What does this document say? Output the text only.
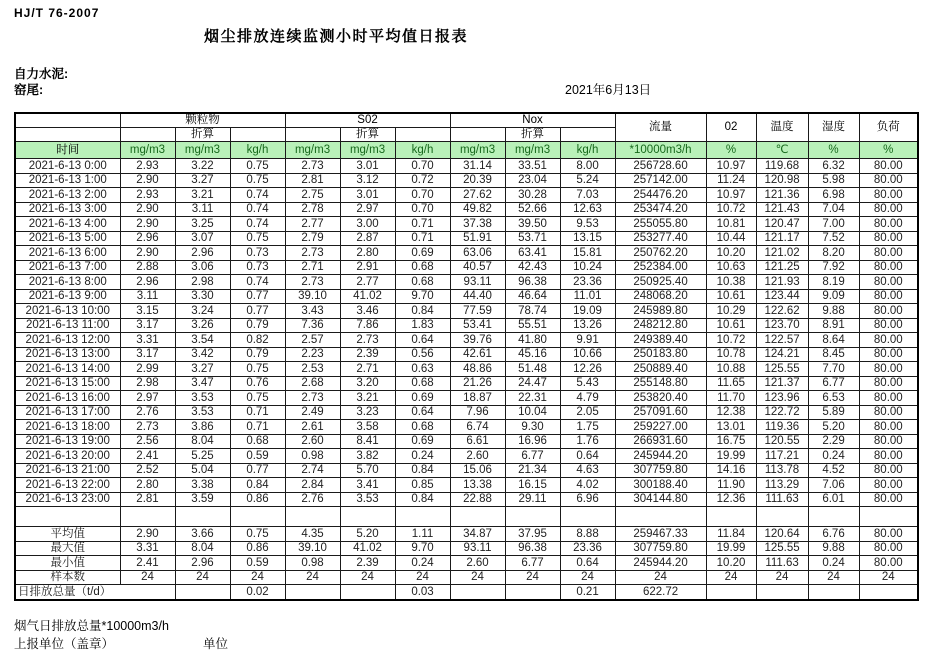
HJ/T 76-2007
烟尘排放连续监测小时平均值日报表
自力水泥:
窑尾:	2021年6月13日
	颗粒物			S02			Nox			流量	02	温度	湿度	负荷
		折算			折算			折算						
时间	mg/m3	mg/m3	kg/h	mg/m3	mg/m3	kg/h	mg/m3	mg/m3	kg/h	*10000m3/h	%	℃	%	%
2021-6-13 0:00	2.93	3.22	0.75	2.73	3.01	0.70	31.14	33.51	8.00	256728.60	10.97	119.68	6.32	80.00
2021-6-13 1:00	2.90	3.27	0.75	2.81	3.12	0.72	20.39	23.04	5.24	257142.00	11.24	120.98	5.98	80.00
2021-6-13 2:00	2.93	3.21	0.74	2.75	3.01	0.70	27.62	30.28	7.03	254476.20	10.97	121.36	6.98	80.00
2021-6-13 3:00	2.90	3.11	0.74	2.78	2.97	0.70	49.82	52.66	12.63	253474.20	10.72	121.43	7.04	80.00
2021-6-13 4:00	2.90	3.25	0.74	2.77	3.00	0.71	37.38	39.50	9.53	255055.80	10.81	120.47	7.00	80.00
2021-6-13 5:00	2.96	3.07	0.75	2.79	2.87	0.71	51.91	53.71	13.15	253277.40	10.44	121.17	7.52	80.00
2021-6-13 6:00	2.90	2.96	0.73	2.73	2.80	0.69	63.06	63.41	15.81	250762.20	10.20	121.02	8.20	80.00
2021-6-13 7:00	2.88	3.06	0.73	2.71	2.91	0.68	40.57	42.43	10.24	252384.00	10.63	121.25	7.92	80.00
2021-6-13 8:00	2.96	2.98	0.74	2.73	2.77	0.68	93.11	96.38	23.36	250925.40	10.38	121.93	8.19	80.00
2021-6-13 9:00	3.11	3.30	0.77	39.10	41.02	9.70	44.40	46.64	11.01	248068.20	10.61	123.44	9.09	80.00
2021-6-13 10:00	3.15	3.24	0.77	3.43	3.46	0.84	77.59	78.74	19.09	245989.80	10.29	122.62	9.88	80.00
2021-6-13 11:00	3.17	3.26	0.79	7.36	7.86	1.83	53.41	55.51	13.26	248212.80	10.61	123.70	8.91	80.00
2021-6-13 12:00	3.31	3.54	0.82	2.57	2.73	0.64	39.76	41.80	9.91	249389.40	10.72	122.57	8.64	80.00
2021-6-13 13:00	3.17	3.42	0.79	2.23	2.39	0.56	42.61	45.16	10.66	250183.80	10.78	124.21	8.45	80.00
2021-6-13 14:00	2.99	3.27	0.75	2.53	2.71	0.63	48.86	51.48	12.26	250889.40	10.88	125.55	7.70	80.00
2021-6-13 15:00	2.98	3.47	0.76	2.68	3.20	0.68	21.26	24.47	5.43	255148.80	11.65	121.37	6.77	80.00
2021-6-13 16:00	2.97	3.53	0.75	2.73	3.21	0.69	18.87	22.31	4.79	253820.40	11.70	123.96	6.53	80.00
2021-6-13 17:00	2.76	3.53	0.71	2.49	3.23	0.64	7.96	10.04	2.05	257091.60	12.38	122.72	5.89	80.00
2021-6-13 18:00	2.73	3.86	0.71	2.61	3.58	0.68	6.74	9.30	1.75	259227.00	13.01	119.36	5.20	80.00
2021-6-13 19:00	2.56	8.04	0.68	2.60	8.41	0.69	6.61	16.96	1.76	266931.60	16.75	120.55	2.29	80.00
2021-6-13 20:00	2.41	5.25	0.59	0.98	3.82	0.24	2.60	6.77	0.64	245944.20	19.99	117.21	0.24	80.00
2021-6-13 21:00	2.52	5.04	0.77	2.74	5.70	0.84	15.06	21.34	4.63	307759.80	14.16	113.78	4.52	80.00
2021-6-13 22:00	2.80	3.38	0.84	2.84	3.41	0.85	13.38	16.15	4.02	300188.40	11.90	113.29	7.06	80.00
2021-6-13 23:00	2.81	3.59	0.86	2.76	3.53	0.84	22.88	29.11	6.96	304144.80	12.36	111.63	6.01	80.00

平均值	2.90	3.66	0.75	4.35	5.20	1.11	34.87	37.95	8.88	259467.33	11.84	120.64	6.76	80.00
最大值	3.31	8.04	0.86	39.10	41.02	9.70	93.11	96.38	23.36	307759.80	19.99	125.55	9.88	80.00
最小值	2.41	2.96	0.59	0.98	2.39	0.24	2.60	6.77	0.64	245944.20	10.20	111.63	0.24	80.00
样本数	24	24	24	24	24	24	24	24	24	24	24	24	24	24
日排放总量（t/d）			0.02			0.03			0.21	622.72				
烟气日排放总量*10000m3/h
上报单位（盖章）	单位
